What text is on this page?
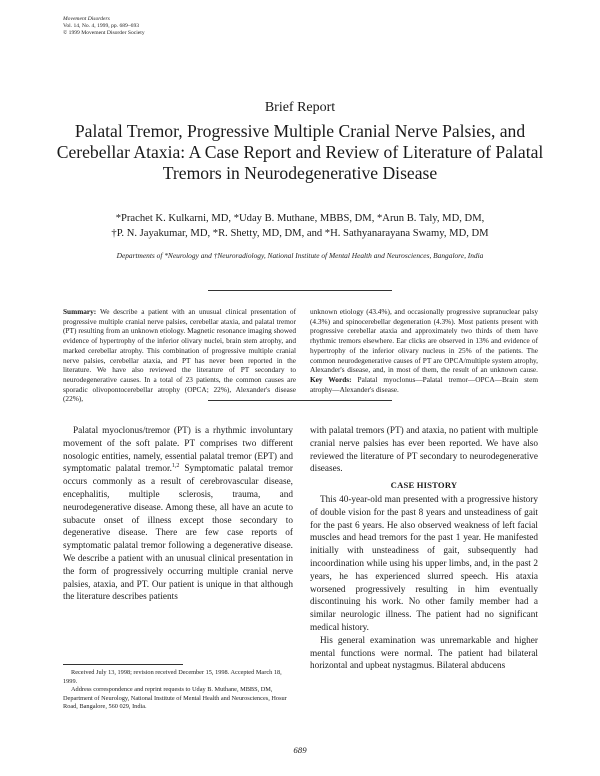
Movement Disorders
Vol. 14, No. 4, 1999, pp. 689–693
© 1999 Movement Disorder Society
Brief Report
Palatal Tremor, Progressive Multiple Cranial Nerve Palsies, and Cerebellar Ataxia: A Case Report and Review of Literature of Palatal Tremors in Neurodegenerative Disease
*Prachet K. Kulkarni, MD, *Uday B. Muthane, MBBS, DM, *Arun B. Taly, MD, DM,
†P. N. Jayakumar, MD, *R. Shetty, MD, DM, and *H. Sathyanarayana Swamy, MD, DM
Departments of *Neurology and †Neuroradiology, National Institute of Mental Health and Neurosciences, Bangalore, India
Summary: We describe a patient with an unusual clinical presentation of progressive multiple cranial nerve palsies, cerebellar ataxia, and palatal tremor (PT) resulting from an unknown etiology. Magnetic resonance imaging showed evidence of hypertrophy of the inferior olivary nuclei, brain stem atrophy, and marked cerebellar atrophy. This combination of progressive multiple cranial nerve palsies, cerebellar ataxia, and PT has never been reported in the literature. We have also reviewed the literature of PT secondary to neurodegenerative causes. In a total of 23 patients, the common causes are sporadic olivopontocerebellar atrophy (OPCA; 22%), Alexander's disease (22%),
unknown etiology (43.4%), and occasionally progressive supranuclear palsy (4.3%) and spinocerebellar degeneration (4.3%). Most patients present with progressive cerebellar ataxia and approximately two thirds of them have rhythmic tremors elsewhere. Ear clicks are observed in 13% and evidence of hypertrophy of the inferior olivary nucleus in 25% of the patients. The common neurodegenerative causes of PT are OPCA/multiple system atrophy, Alexander's disease, and, in most of them, the result of an unknown cause. Key Words: Palatal myoclonus—Palatal tremor—OPCA—Brain stem atrophy—Alexander's disease.

Palatal myoclonus/tremor (PT) is a rhythmic involuntary movement of the soft palate. PT comprises two different nosologic entities, namely, essential palatal tremor (EPT) and symptomatic palatal tremor.$^{1,2}$ Symptomatic palatal tremor occurs commonly as a result of cerebrovascular disease, encephalitis, multiple sclerosis, trauma, and neurodegenerative disease. Among these, all have an acute to subacute onset of illness except those secondary to degenerative disease. There are few case reports of symptomatic palatal tremor following a degenerative disease. We describe a patient with an unusual clinical presentation in the form of progressively occurring multiple cranial nerve palsies, ataxia, and PT. Our patient is unique in that although the literature describes patients

with palatal tremors (PT) and ataxia, no patient with multiple cranial nerve palsies has ever been reported. We have also reviewed the literature of PT secondary to neurodegenerative diseases.

CASE HISTORY

This 40-year-old man presented with a progressive history of double vision for the past 8 years and unsteadiness of gait for the past 6 years. He also observed weakness of left facial muscles and head tremors for the past 1 year. He manifested initially with unsteadiness of gait, subsequently had incoordination while using his upper limbs, and, in the past 2 years, he has experienced slurred speech. His ataxia worsened progressively resulting in him eventually discontinuing his work. No other family member had a similar neurologic illness. The patient had no significant medical history.

His general examination was unremarkable and higher mental functions were normal. The patient had bilateral horizontal and upbeat nystagmus. Bilateral abducens

Received July 13, 1998; revision received December 15, 1998. Accepted March 18, 1999.

Address correspondence and reprint requests to Uday B. Muthane, MBBS, DM, Department of Neurology, National Institute of Mental Health and Neurosciences, Hosur Road, Bangalore, 560 029, India.

689
